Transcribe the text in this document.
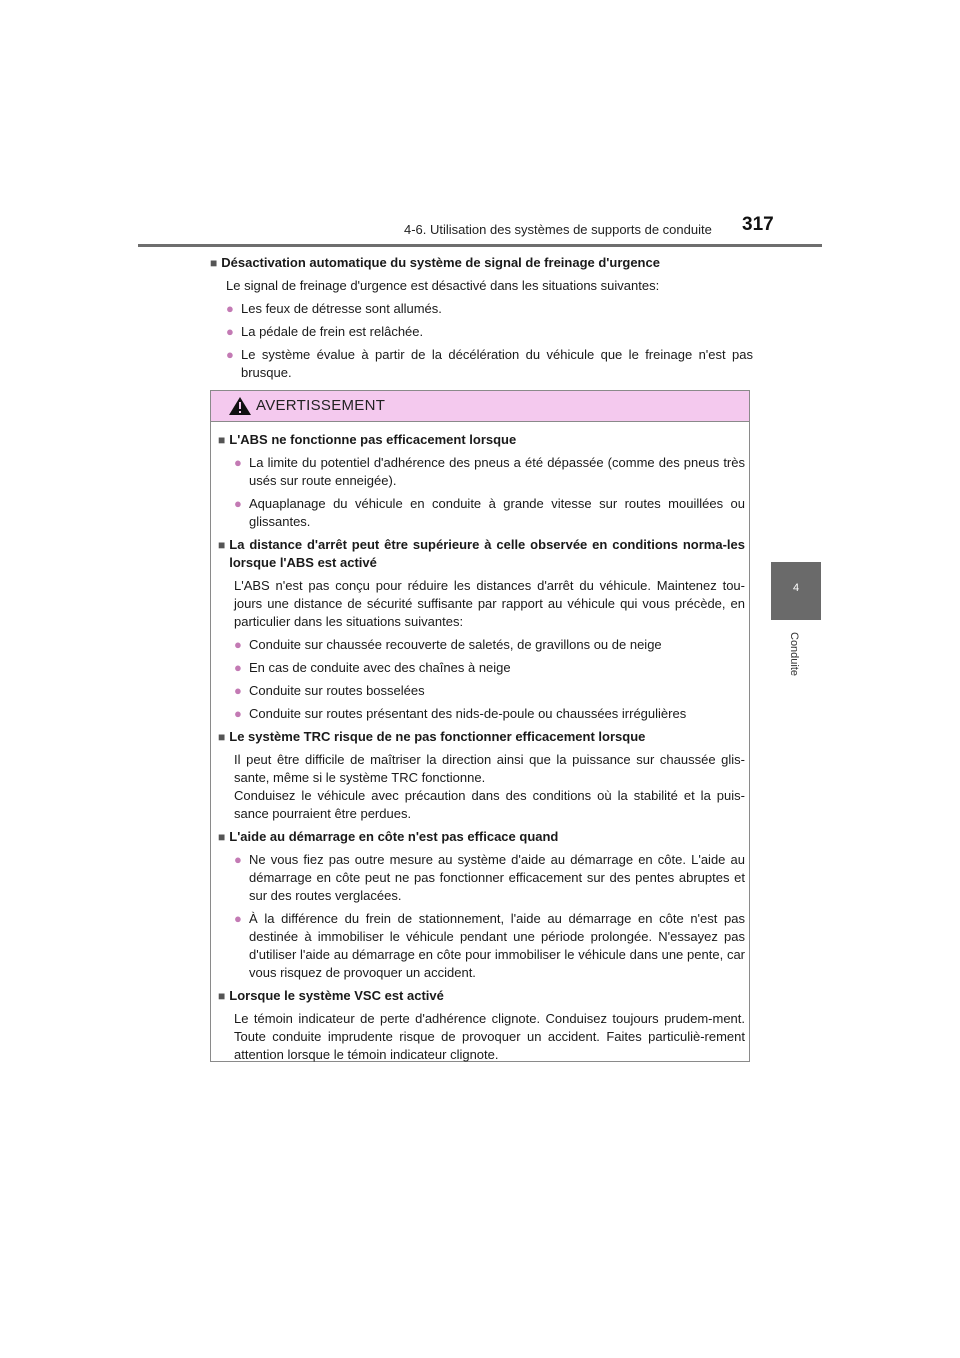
4-6. Utilisation des systèmes de supports de conduite 317
4
Conduite
■ Désactivation automatique du système de signal de freinage d'urgence
Le signal de freinage d'urgence est désactivé dans les situations suivantes:
● Les feux de détresse sont allumés.
● La pédale de frein est relâchée.
● Le système évalue à partir de la décélération du véhicule que le freinage n'est pas brusque.
AVERTISSEMENT
■ L'ABS ne fonctionne pas efficacement lorsque
● La limite du potentiel d'adhérence des pneus a été dépassée (comme des pneus très usés sur route enneigée).
● Aquaplanage du véhicule en conduite à grande vitesse sur routes mouillées ou glissantes.
■ La distance d'arrêt peut être supérieure à celle observée en conditions norma-les lorsque l'ABS est activé
L'ABS n'est pas conçu pour réduire les distances d'arrêt du véhicule. Maintenez tou-jours une distance de sécurité suffisante par rapport au véhicule qui vous précède, en particulier dans les situations suivantes:
● Conduite sur chaussée recouverte de saletés, de gravillons ou de neige
● En cas de conduite avec des chaînes à neige
● Conduite sur routes bosselées
● Conduite sur routes présentant des nids-de-poule ou chaussées irrégulières
■ Le système TRC risque de ne pas fonctionner efficacement lorsque
Il peut être difficile de maîtriser la direction ainsi que la puissance sur chaussée glis-sante, même si le système TRC fonctionne.
Conduisez le véhicule avec précaution dans des conditions où la stabilité et la puis-sance pourraient être perdues.
■ L'aide au démarrage en côte n'est pas efficace quand
● Ne vous fiez pas outre mesure au système d'aide au démarrage en côte. L'aide au démarrage en côte peut ne pas fonctionner efficacement sur des pentes abruptes et sur des routes verglacées.
● À la différence du frein de stationnement, l'aide au démarrage en côte n'est pas destinée à immobiliser le véhicule pendant une période prolongée. N'essayez pas d'utiliser l'aide au démarrage en côte pour immobiliser le véhicule dans une pente, car vous risquez de provoquer un accident.
■ Lorsque le système VSC est activé
Le témoin indicateur de perte d'adhérence clignote. Conduisez toujours prudem-ment. Toute conduite imprudente risque de provoquer un accident. Faites particuliè-rement attention lorsque le témoin indicateur clignote.
